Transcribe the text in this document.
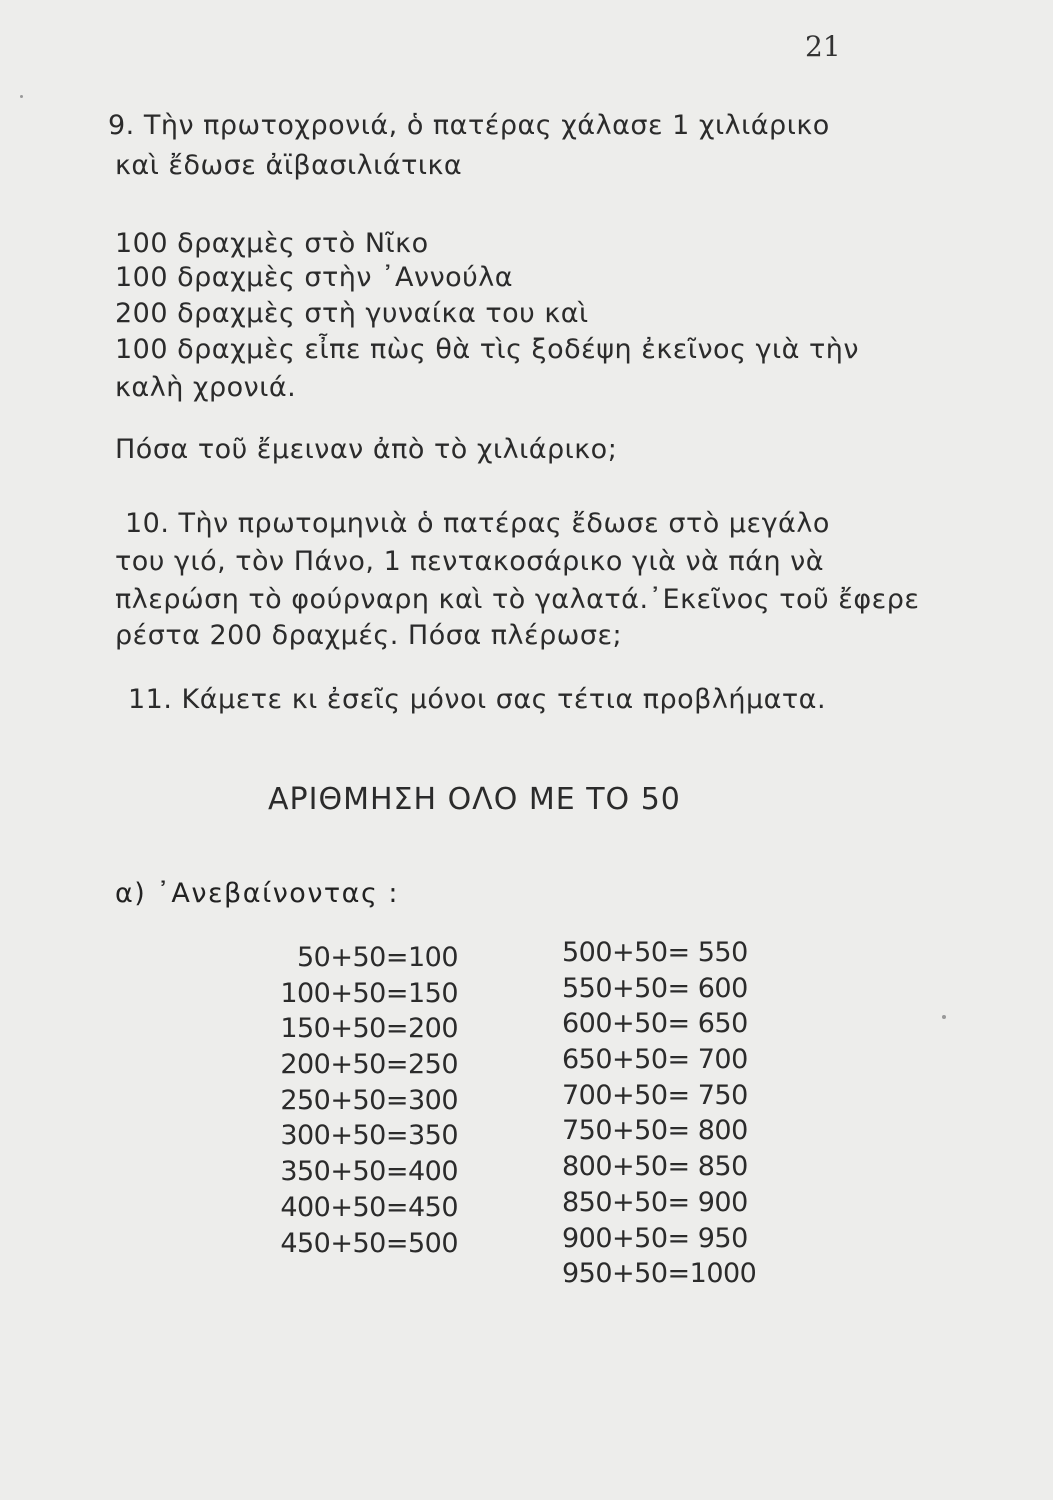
21
9. Τὴν πρωτοχρονιά, ὁ πατέρας χάλασε 1 χιλιάρικο
καὶ ἔδωσε ἀϊβασιλιάτικα
100 δραχμὲς στὸ Νῖκο
100 δραχμὲς στὴν ᾿Αννούλα
200 δραχμὲς στὴ γυναίκα του καὶ
100 δραχμὲς εἶπε πὼς θὰ τὶς ξοδέψη ἐκεῖνος γιὰ τὴν
καλὴ χρονιά.
Πόσα τοῦ ἔμειναν ἀπὸ τὸ χιλιάρικο;
10. Τὴν πρωτομηνιὰ ὁ πατέρας ἔδωσε στὸ μεγάλο
του γιό, τὸν Πάνο, 1 πεντακοσάρικο γιὰ νὰ πάη νὰ
πλερώση τὸ φούρναρη καὶ τὸ γαλατά.᾿Εκεῖνος τοῦ ἔφερε
ρέστα 200 δραχμές. Πόσα πλέρωσε;
11. Κάμετε κι ἐσεῖς μόνοι σας τέτια προβλήματα.
ΑΡΙΘΜΗΣΗ ΟΛΟ ΜΕ ΤΟ 50
α) ᾿Ανεβαίνοντας :
50+50=100
100+50=150
150+50=200
200+50=250
250+50=300
300+50=350
350+50=400
400+50=450
450+50=500
500+50= 550
550+50= 600
600+50= 650
650+50= 700
700+50= 750
750+50= 800
800+50= 850
850+50= 900
900+50= 950
950+50=1000
